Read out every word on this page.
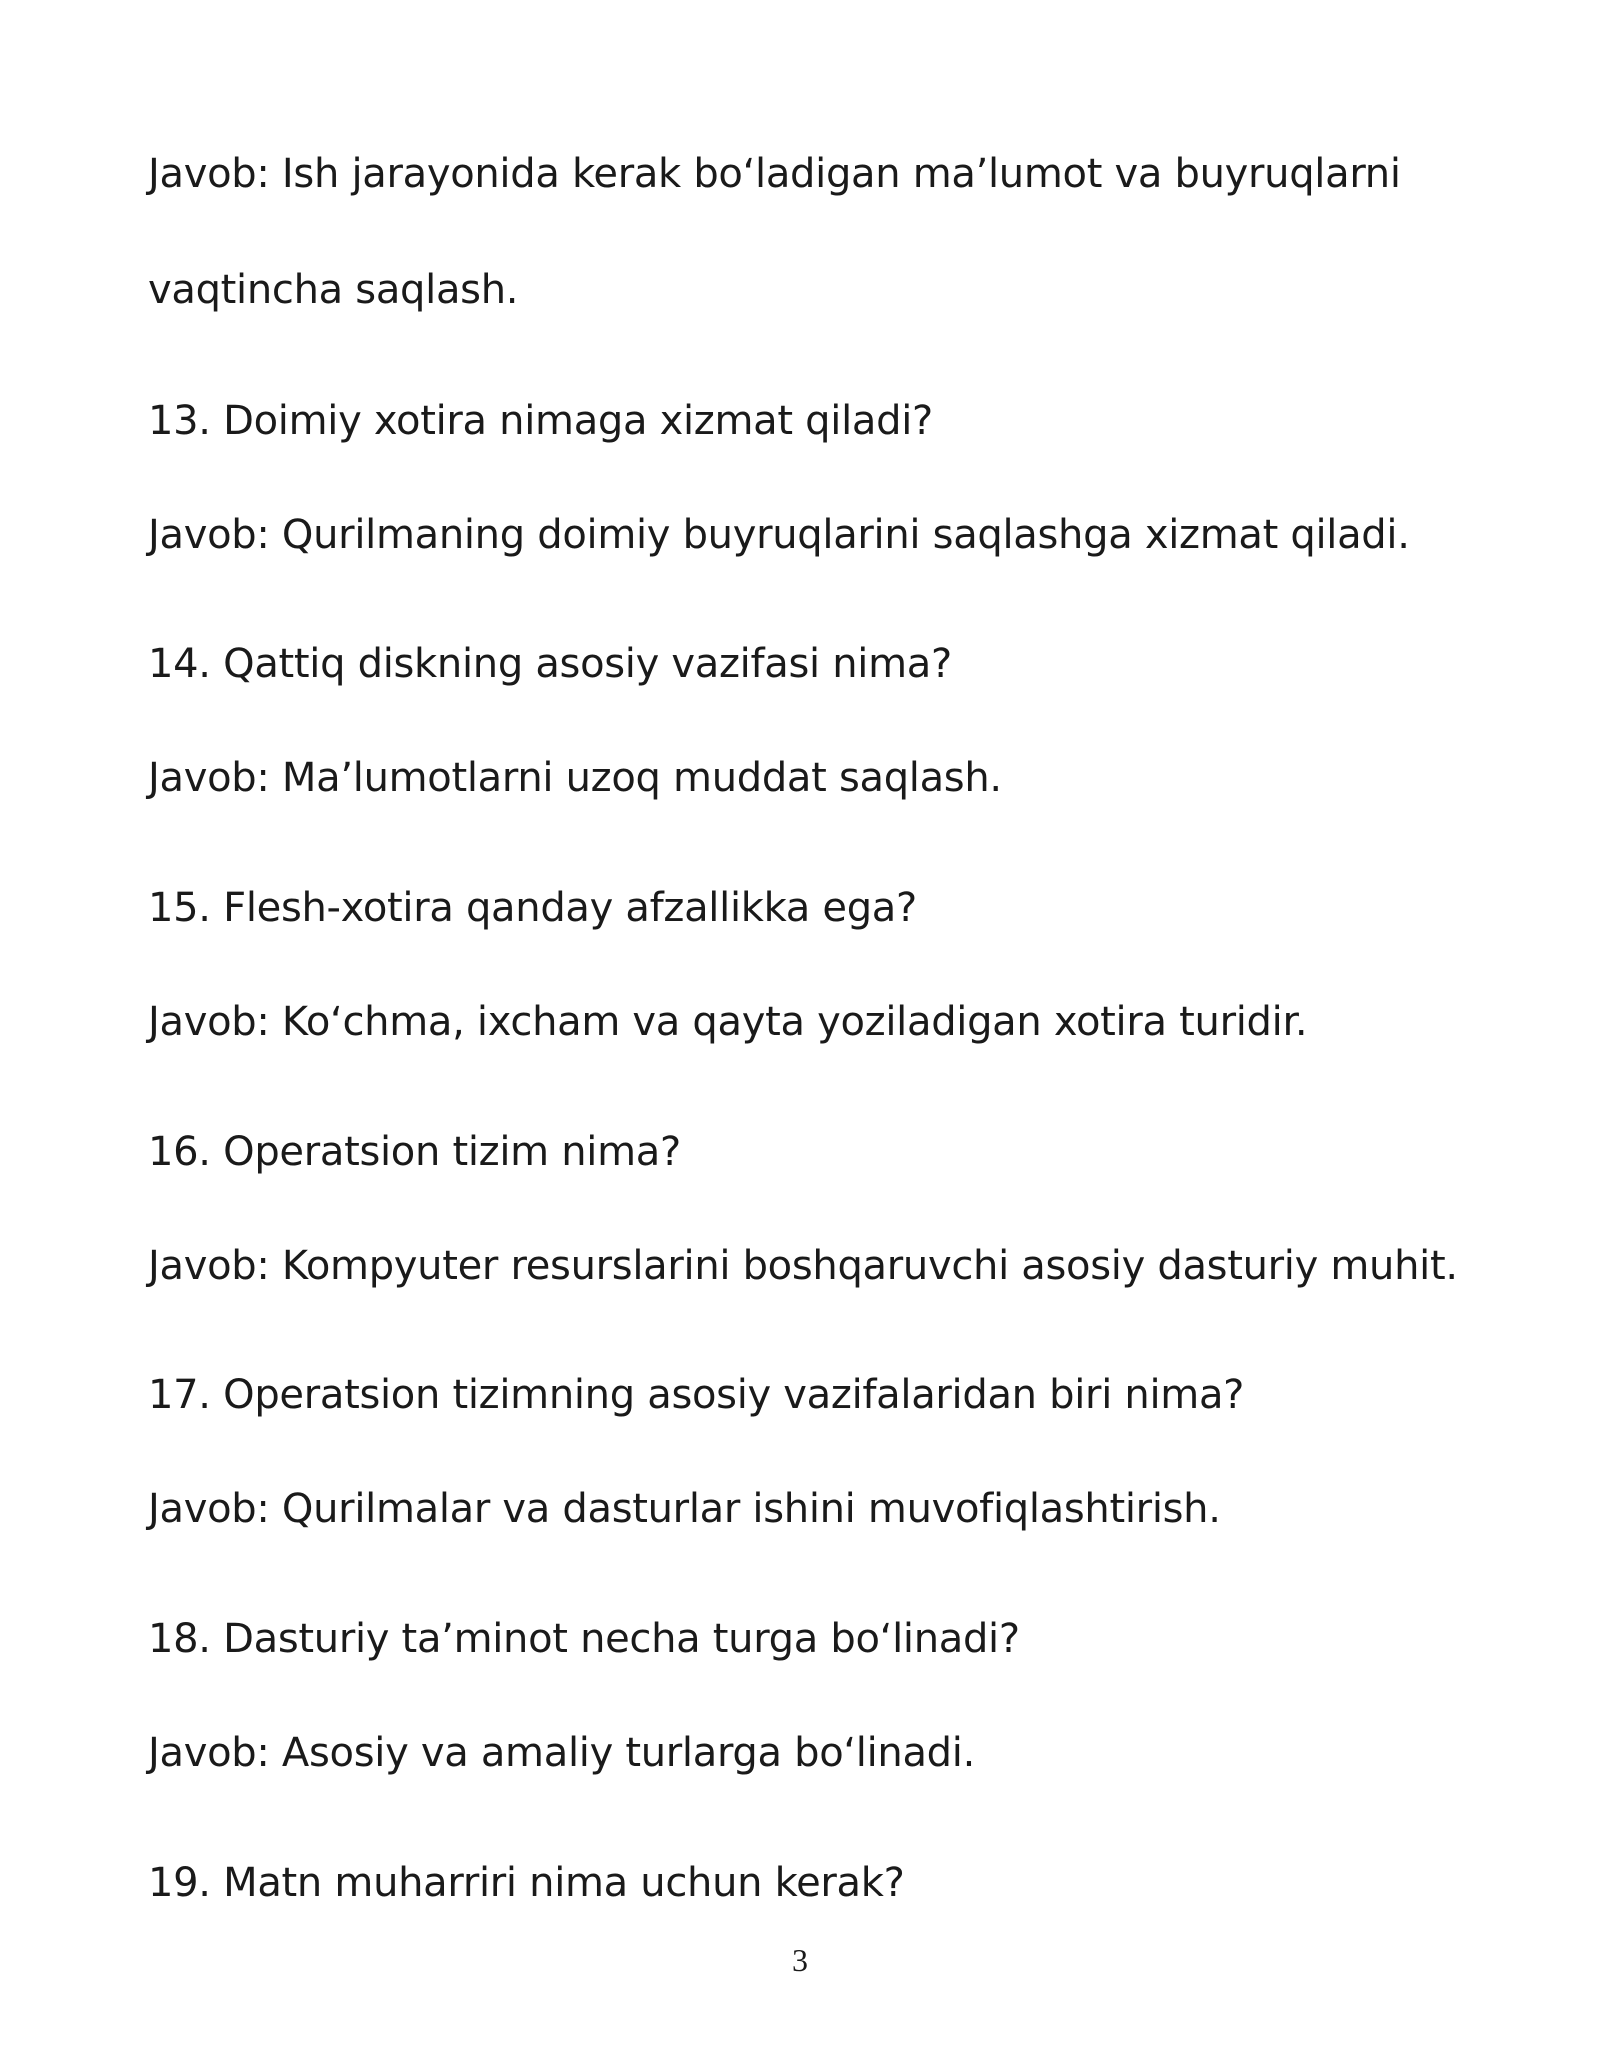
Javob: Ish jarayonida kerak boʻladigan maʼlumot va buyruqlarni
vaqtincha saqlash.
13. Doimiy xotira nimaga xizmat qiladi?
Javob: Qurilmaning doimiy buyruqlarini saqlashga xizmat qiladi.
14. Qattiq diskning asosiy vazifasi nima?
Javob: Maʼlumotlarni uzoq muddat saqlash.
15. Flesh-xotira qanday afzallikka ega?
Javob: Koʻchma, ixcham va qayta yoziladigan xotira turidir.
16. Operatsion tizim nima?
Javob: Kompyuter resurslarini boshqaruvchi asosiy dasturiy muhit.
17. Operatsion tizimning asosiy vazifalaridan biri nima?
Javob: Qurilmalar va dasturlar ishini muvofiqlashtirish.
18. Dasturiy taʼminot necha turga boʻlinadi?
Javob: Asosiy va amaliy turlarga boʻlinadi.
19. Matn muharriri nima uchun kerak?
3
